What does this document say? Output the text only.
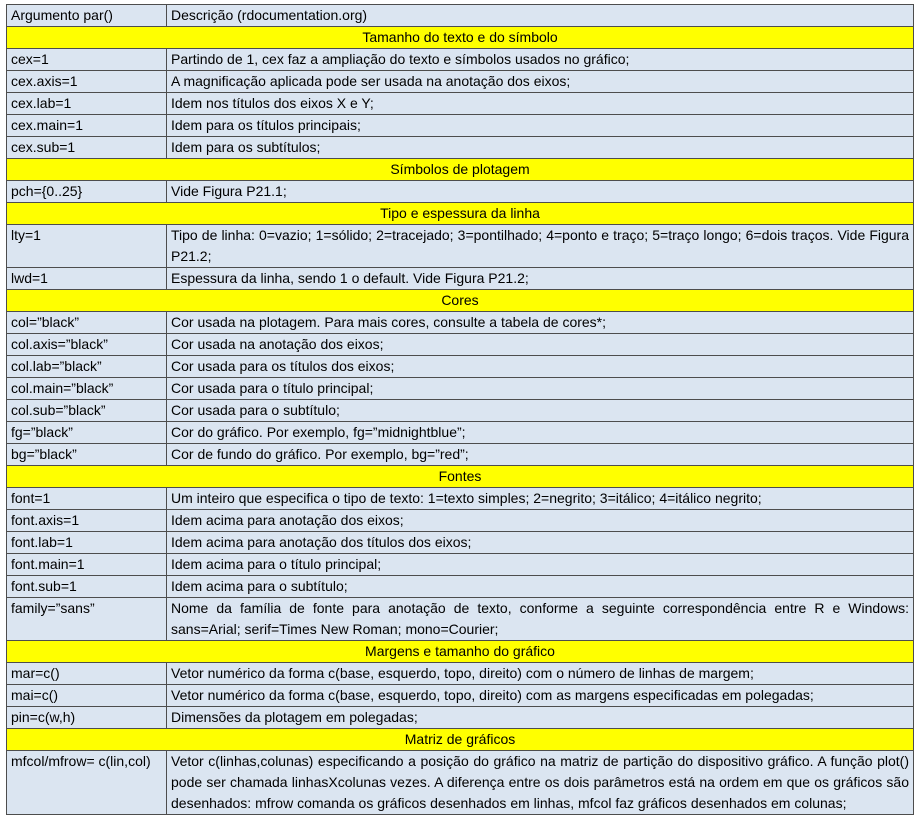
Argumento par()	Descrição (rdocumentation.org)
Tamanho do texto e do símbolo	
cex=1	Partindo de 1, cex faz a ampliação do texto e símbolos usados no gráfico;
cex.axis=1	A magnificação aplicada pode ser usada na anotação dos eixos;
cex.lab=1	Idem nos títulos dos eixos X e Y;
cex.main=1	Idem para os títulos principais;
cex.sub=1	Idem para os subtítulos;
Símbolos de plotagem	
pch={0..25}	Vide Figura P21.1;
Tipo e espessura da linha	
lty=1	Tipo de linha: 0=vazio; 1=sólido; 2=tracejado; 3=pontilhado; 4=ponto e traço; 5=traço longo; 6=dois traços. Vide Figura P21.2;
lwd=1	Espessura da linha, sendo 1 o default. Vide Figura P21.2;
Cores	
col=”black”	Cor usada na plotagem. Para mais cores, consulte a tabela de cores*;
col.axis=”black”	Cor usada na anotação dos eixos;
col.lab=”black”	Cor usada para os títulos dos eixos;
col.main=”black”	Cor usada para o título principal;
col.sub=”black”	Cor usada para o subtítulo;
fg=”black”	Cor do gráfico. Por exemplo, fg=”midnightblue”;
bg=”black”	Cor de fundo do gráfico. Por exemplo, bg=”red”;
Fontes	
font=1	Um inteiro que especifica o tipo de texto: 1=texto simples; 2=negrito; 3=itálico; 4=itálico negrito;
font.axis=1	Idem acima para anotação dos eixos;
font.lab=1	Idem acima para anotação dos títulos dos eixos;
font.main=1	Idem acima para o título principal;
font.sub=1	Idem acima para o subtítulo;
family=”sans”	Nome da família de fonte para anotação de texto, conforme a seguinte correspondência entre R e Windows: sans=Arial; serif=Times New Roman; mono=Courier;
Margens e tamanho do gráfico	
mar=c()	Vetor numérico da forma c(base, esquerdo, topo, direito) com o número de linhas de margem;
mai=c()	Vetor numérico da forma c(base, esquerdo, topo, direito) com as margens especificadas em polegadas;
pin=c(w,h)	Dimensões da plotagem em polegadas;
Matriz de gráficos	
mfcol/mfrow= c(lin,col)	Vetor c(linhas,colunas) especificando a posição do gráfico na matriz de partição do dispositivo gráfico. A função plot() pode ser chamada linhasXcolunas vezes. A diferença entre os dois parâmetros está na ordem em que os gráficos são desenhados: mfrow comanda os gráficos desenhados em linhas, mfcol faz gráficos desenhados em colunas;
